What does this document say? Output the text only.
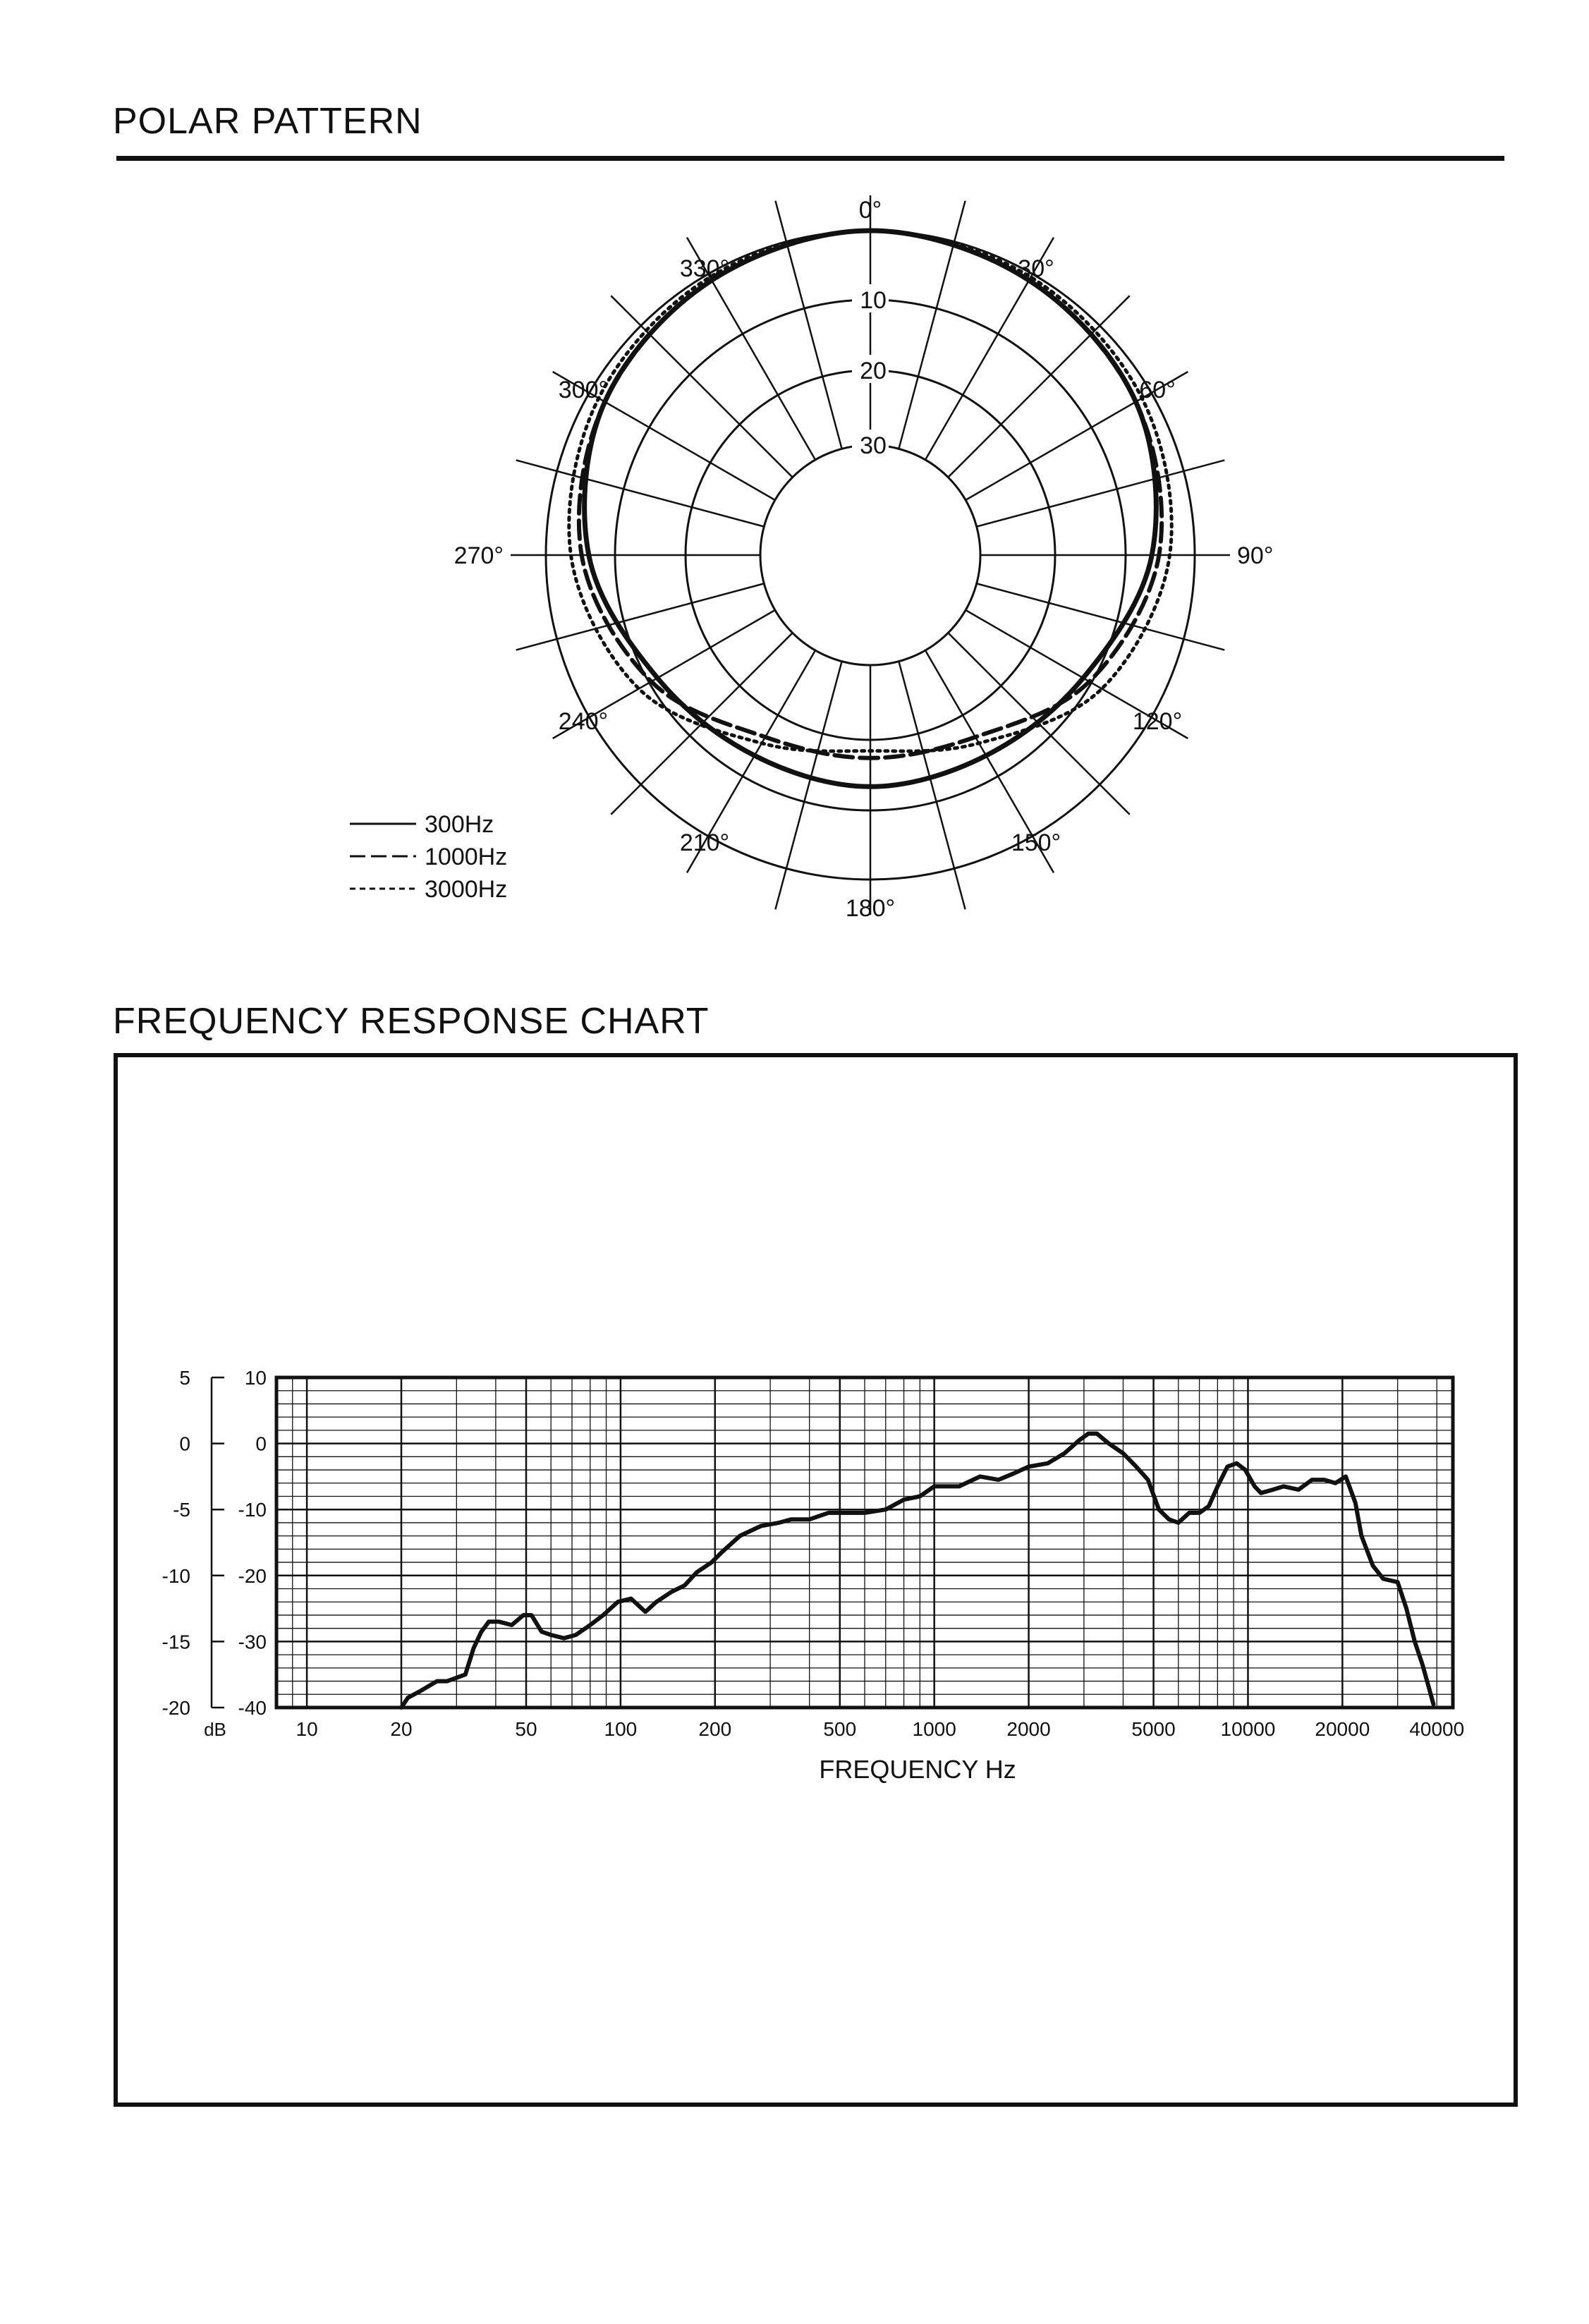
POLAR PATTERN
0°
30°
60°
90°
120°
150°
180°
210°
240°
270°
300°
330°
10
20
30
300Hz
1000Hz
3000Hz
FREQUENCY RESPONSE CHART
5
0
-5
-10
-15
-20
10
0
-10
-20
-30
-40
dB	10	20	50	100	200	500	1000	2000	5000 10000 20000 40000
FREQUENCY Hz
